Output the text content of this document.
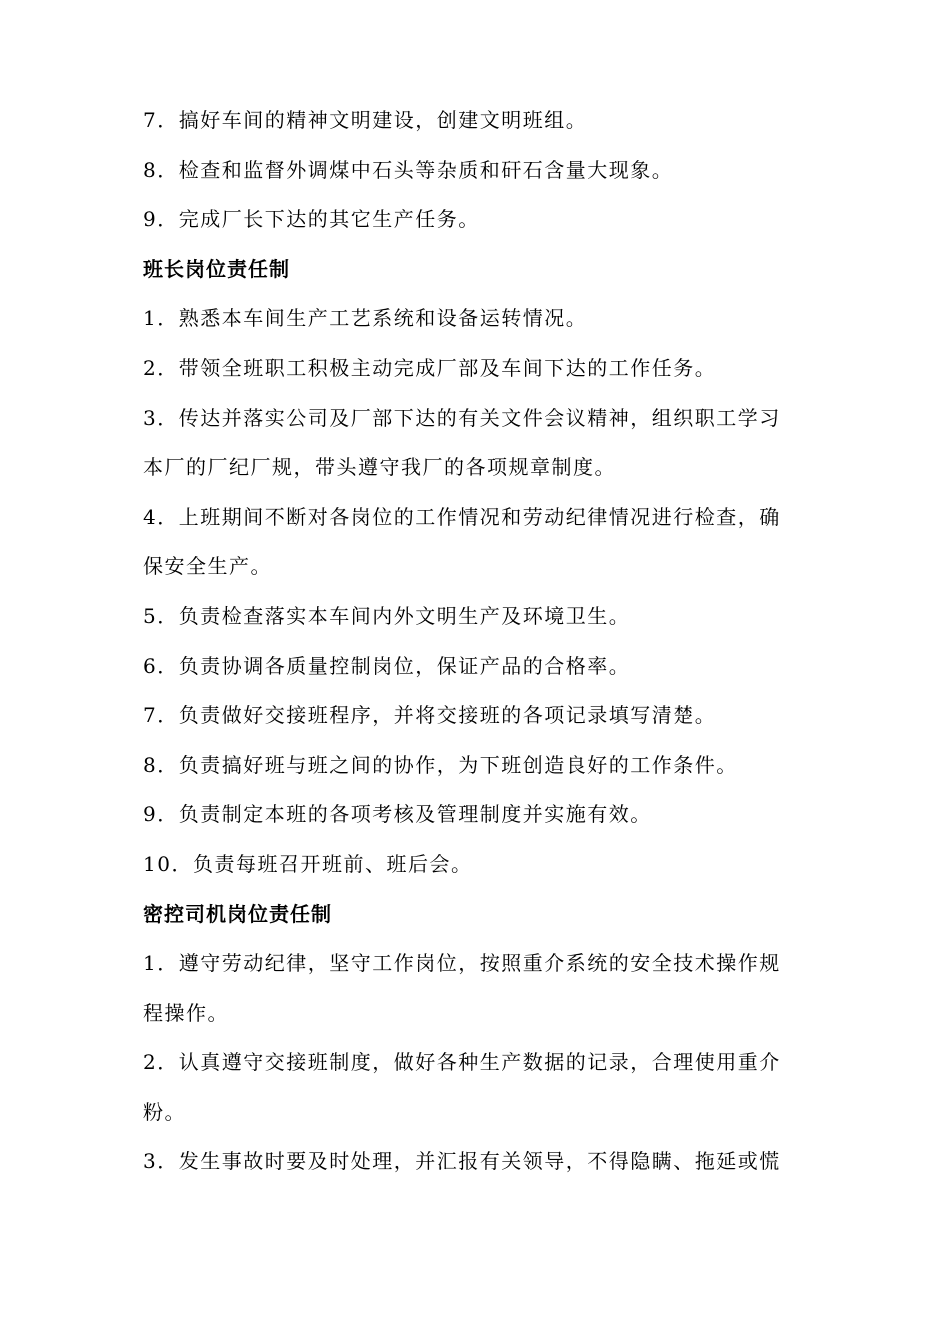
7．搞好车间的精神文明建设，创建文明班组。
8．检查和监督外调煤中石头等杂质和矸石含量大现象。
9．完成厂长下达的其它生产任务。
班长岗位责任制
1．熟悉本车间生产工艺系统和设备运转情况。
2．带领全班职工积极主动完成厂部及车间下达的工作任务。
3．传达并落实公司及厂部下达的有关文件会议精神，组织职工学习
本厂的厂纪厂规，带头遵守我厂的各项规章制度。
4．上班期间不断对各岗位的工作情况和劳动纪律情况进行检查，确
保安全生产。
5．负责检查落实本车间内外文明生产及环境卫生。
6．负责协调各质量控制岗位，保证产品的合格率。
7．负责做好交接班程序，并将交接班的各项记录填写清楚。
8．负责搞好班与班之间的协作，为下班创造良好的工作条件。
9．负责制定本班的各项考核及管理制度并实施有效。
10．负责每班召开班前、班后会。
密控司机岗位责任制
1．遵守劳动纪律，坚守工作岗位，按照重介系统的安全技术操作规
程操作。
2．认真遵守交接班制度，做好各种生产数据的记录，合理使用重介
粉。
3．发生事故时要及时处理，并汇报有关领导，不得隐瞒、拖延或慌
